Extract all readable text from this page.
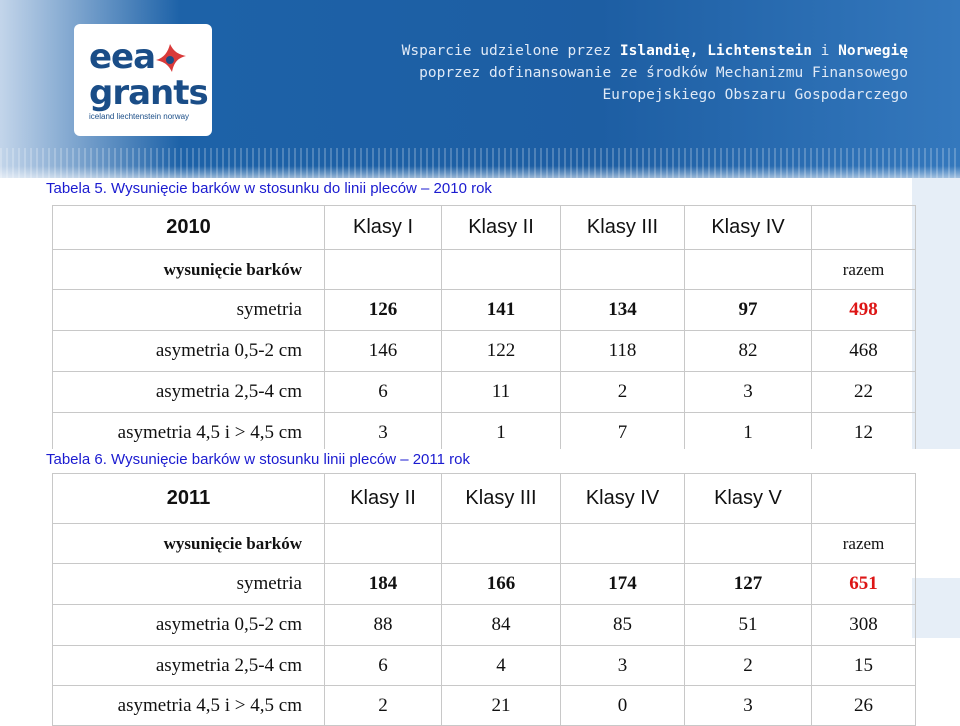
eea
grants
iceland liechtenstein norway
Wsparcie udzielone przez Islandię, Lichtenstein i Norwegię
poprzez dofinansowanie ze środków Mechanizmu Finansowego
Europejskiego Obszaru Gospodarczego
Tabela 5. Wysunięcie barków w stosunku do linii pleców – 2010 rok
2010	Klasy I	Klasy II	Klasy III	Klasy IV	
wysunięcie barków					razem
symetria	126	141	134	97	498
asymetria 0,5-2 cm	146	122	118	82	468
asymetria 2,5-4 cm	6	11	2	3	22
asymetria 4,5 i > 4,5 cm	3	1	7	1	12
Tabela 6. Wysunięcie barków w stosunku linii pleców – 2011 rok
2011	Klasy II	Klasy III	Klasy IV	Klasy V	
wysunięcie barków					razem
symetria	184	166	174	127	651
asymetria 0,5-2 cm	88	84	85	51	308
asymetria 2,5-4 cm	6	4	3	2	15
asymetria 4,5 i > 4,5 cm	2	21	0	3	26
